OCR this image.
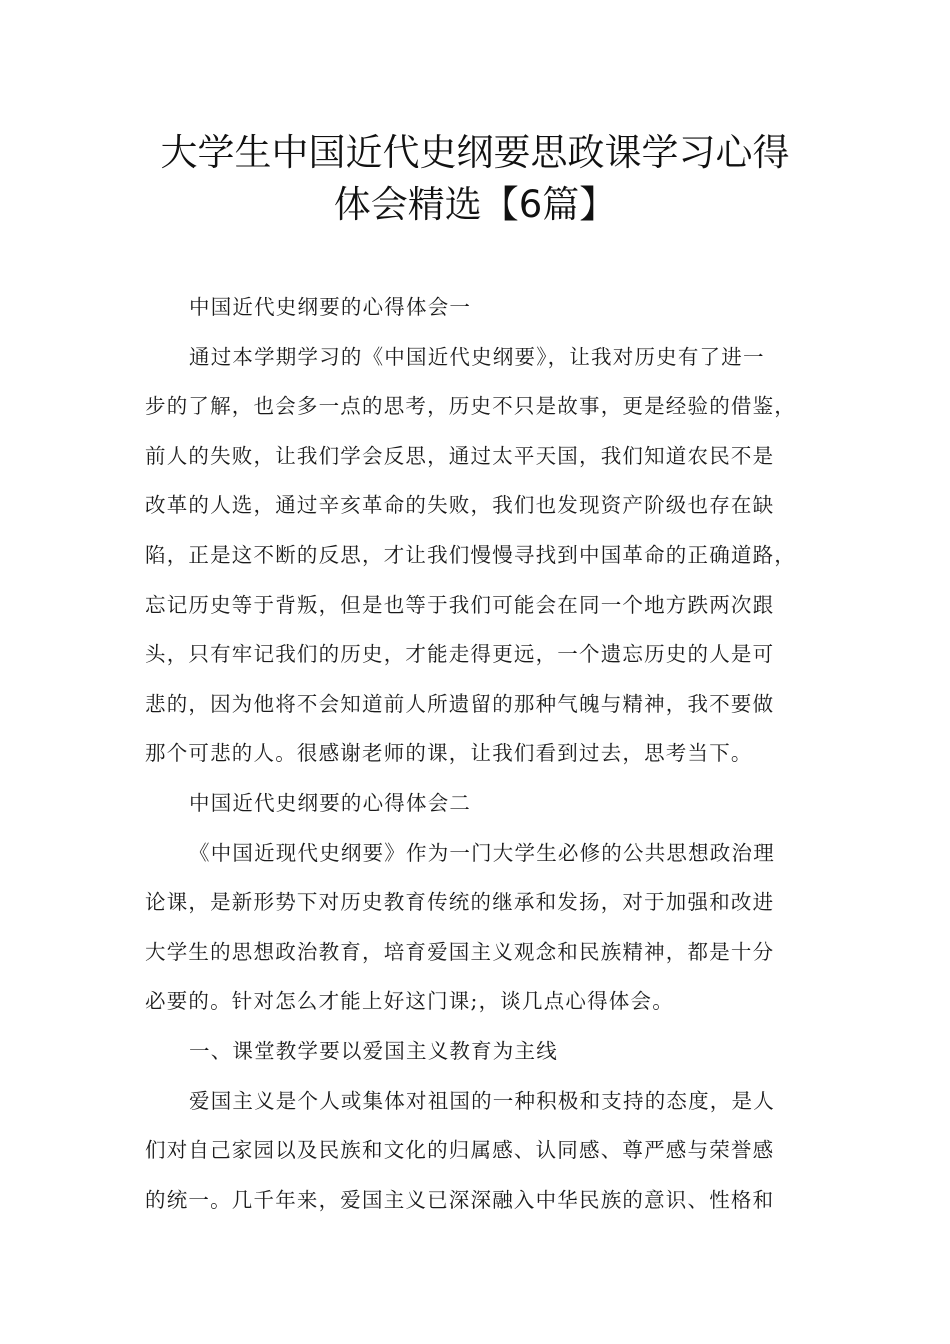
大学生中国近代史纲要思政课学习心得
体会精选【6篇】
中国近代史纲要的心得体会一
通过本学期学习的《中国近代史纲要》，让我对历史有了进一
步的了解，也会多一点的思考，历史不只是故事，更是经验的借鉴，
前人的失败，让我们学会反思，通过太平天国，我们知道农民不是
改革的人选，通过辛亥革命的失败，我们也发现资产阶级也存在缺
陷，正是这不断的反思，才让我们慢慢寻找到中国革命的正确道路，
忘记历史等于背叛，但是也等于我们可能会在同一个地方跌两次跟
头，只有牢记我们的历史，才能走得更远，一个遗忘历史的人是可
悲的，因为他将不会知道前人所遗留的那种气魄与精神，我不要做
那个可悲的人。很感谢老师的课，让我们看到过去，思考当下。
中国近代史纲要的心得体会二
《中国近现代史纲要》作为一门大学生必修的公共思想政治理
论课，是新形势下对历史教育传统的继承和发扬，对于加强和改进
大学生的思想政治教育，培育爱国主义观念和民族精神，都是十分
必要的。针对怎么才能上好这门课;，谈几点心得体会。
一、课堂教学要以爱国主义教育为主线
爱国主义是个人或集体对祖国的一种积极和支持的态度，是人
们对自己家园以及民族和文化的归属感、认同感、尊严感与荣誉感
的统一。几千年来，爱国主义已深深融入中华民族的意识、性格和
